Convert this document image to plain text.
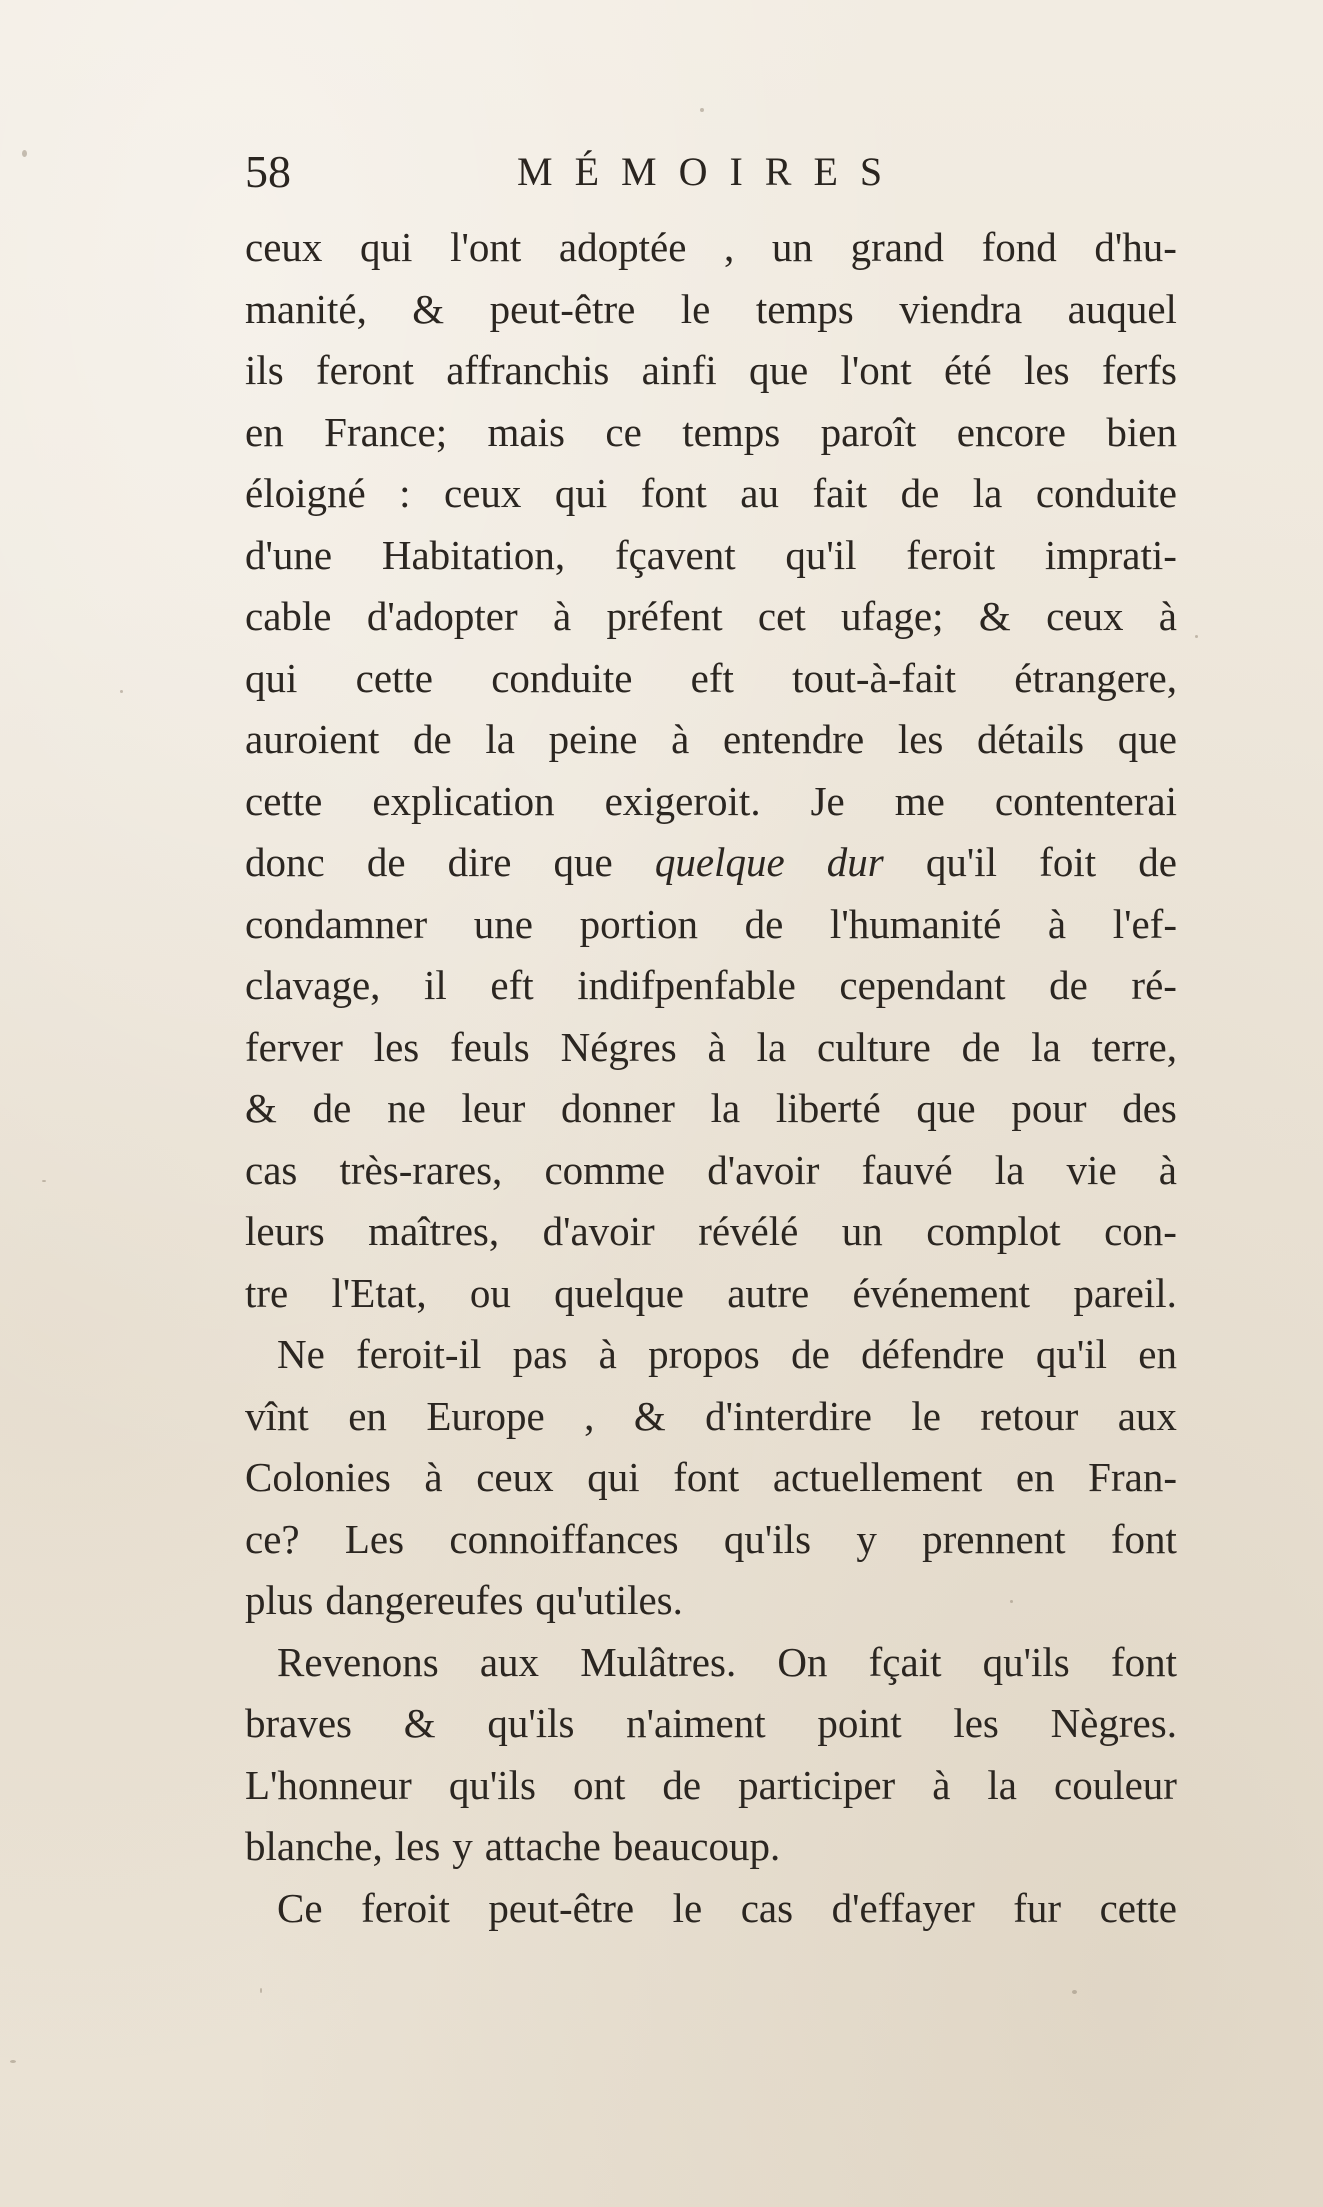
58	MÉMOIRES
ceux qui l'ont adoptée , un grand fond d'hu-
manité, & peut-être le temps viendra auquel
ils feront affranchis ainfi que l'ont été les ferfs
en France; mais ce temps paroît encore bien
éloigné : ceux qui font au fait de la conduite
d'une Habitation, fçavent qu'il feroit imprati-
cable d'adopter à préfent cet ufage; & ceux à
qui cette conduite eft tout-à-fait étrangere,
auroient de la peine à entendre les détails que
cette explication exigeroit. Je me contenterai
donc de dire que quelque dur qu'il foit de
condamner une portion de l'humanité à l'ef-
clavage, il eft indifpenfable cependant de ré-
ferver les feuls Négres à la culture de la terre,
& de ne leur donner la liberté que pour des
cas très-rares, comme d'avoir fauvé la vie à
leurs maîtres, d'avoir révélé un complot con-
tre l'Etat, ou quelque autre événement pareil.
Ne feroit-il pas à propos de défendre qu'il en
vînt en Europe , & d'interdire le retour aux
Colonies à ceux qui font actuellement en Fran-
ce? Les connoiffances qu'ils y prennent font
plus dangereufes qu'utiles.
Revenons aux Mulâtres. On fçait qu'ils font
braves & qu'ils n'aiment point les Nègres.
L'honneur qu'ils ont de participer à la couleur
blanche, les y attache beaucoup.
Ce feroit peut-être le cas d'effayer fur cette
